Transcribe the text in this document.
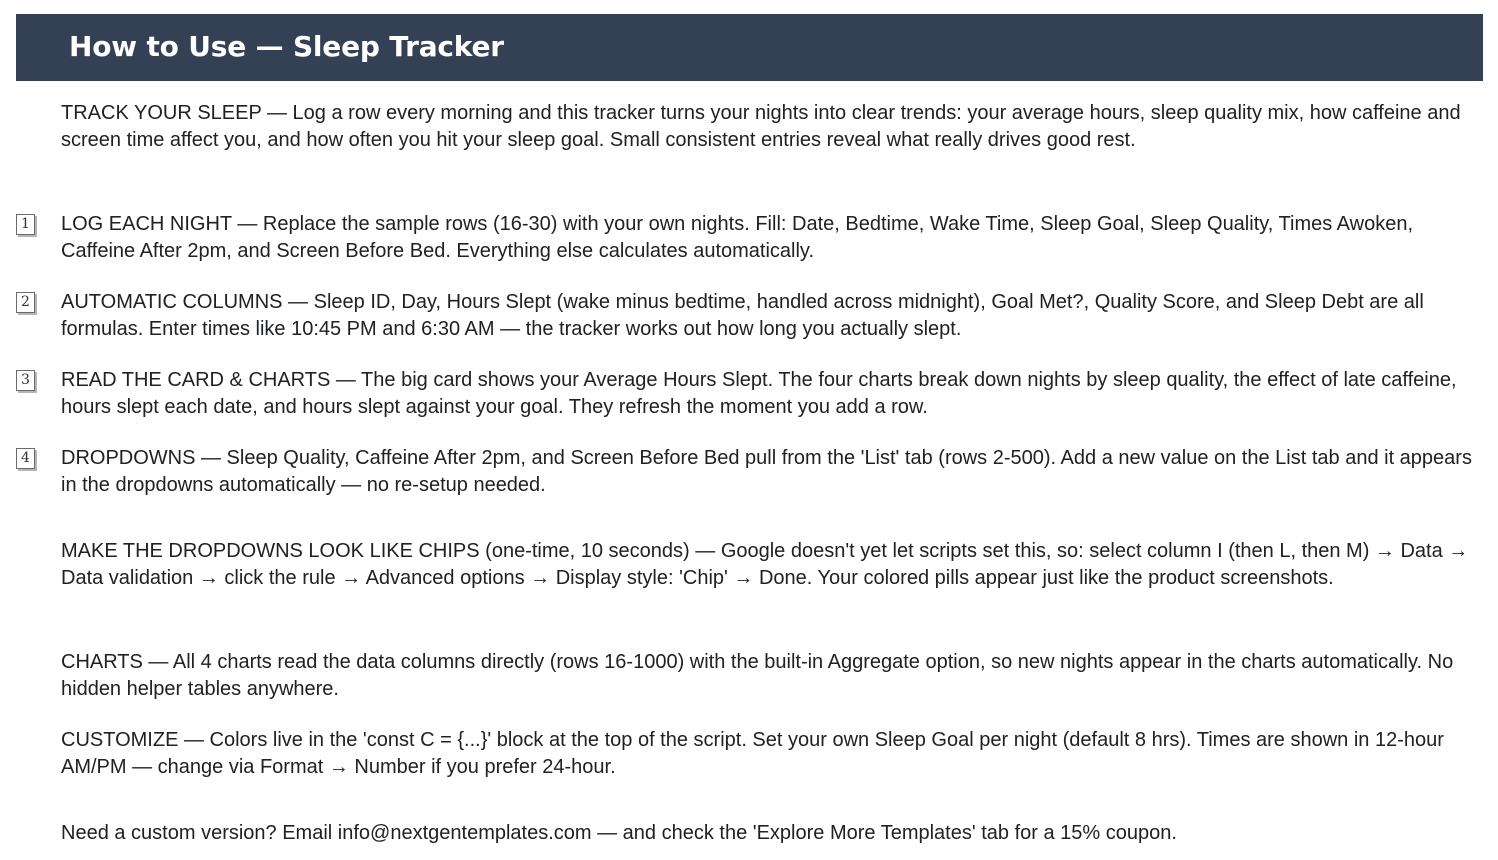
How to Use — Sleep Tracker
TRACK YOUR SLEEP — Log a row every morning and this tracker turns your nights into clear trends: your average hours, sleep quality mix, how caffeine and screen time affect you, and how often you hit your sleep goal. Small consistent entries reveal what really drives good rest.
1 LOG EACH NIGHT — Replace the sample rows (16-30) with your own nights. Fill: Date, Bedtime, Wake Time, Sleep Goal, Sleep Quality, Times Awoken, Caffeine After 2pm, and Screen Before Bed. Everything else calculates automatically.
2 AUTOMATIC COLUMNS — Sleep ID, Day, Hours Slept (wake minus bedtime, handled across midnight), Goal Met?, Quality Score, and Sleep Debt are all formulas. Enter times like 10:45 PM and 6:30 AM — the tracker works out how long you actually slept.
3 READ THE CARD & CHARTS — The big card shows your Average Hours Slept. The four charts break down nights by sleep quality, the effect of late caffeine, hours slept each date, and hours slept against your goal. They refresh the moment you add a row.
4 DROPDOWNS — Sleep Quality, Caffeine After 2pm, and Screen Before Bed pull from the 'List' tab (rows 2-500). Add a new value on the List tab and it appears in the dropdowns automatically — no re-setup needed.
MAKE THE DROPDOWNS LOOK LIKE CHIPS (one-time, 10 seconds) — Google doesn't yet let scripts set this, so: select column I (then L, then M) → Data → Data validation → click the rule → Advanced options → Display style: 'Chip' → Done. Your colored pills appear just like the product screenshots.
CHARTS — All 4 charts read the data columns directly (rows 16-1000) with the built-in Aggregate option, so new nights appear in the charts automatically. No hidden helper tables anywhere.
CUSTOMIZE — Colors live in the 'const C = {...}' block at the top of the script. Set your own Sleep Goal per night (default 8 hrs). Times are shown in 12-hour AM/PM — change via Format → Number if you prefer 24-hour.
Need a custom version? Email info@nextgentemplates.com — and check the 'Explore More Templates' tab for a 15% coupon.
